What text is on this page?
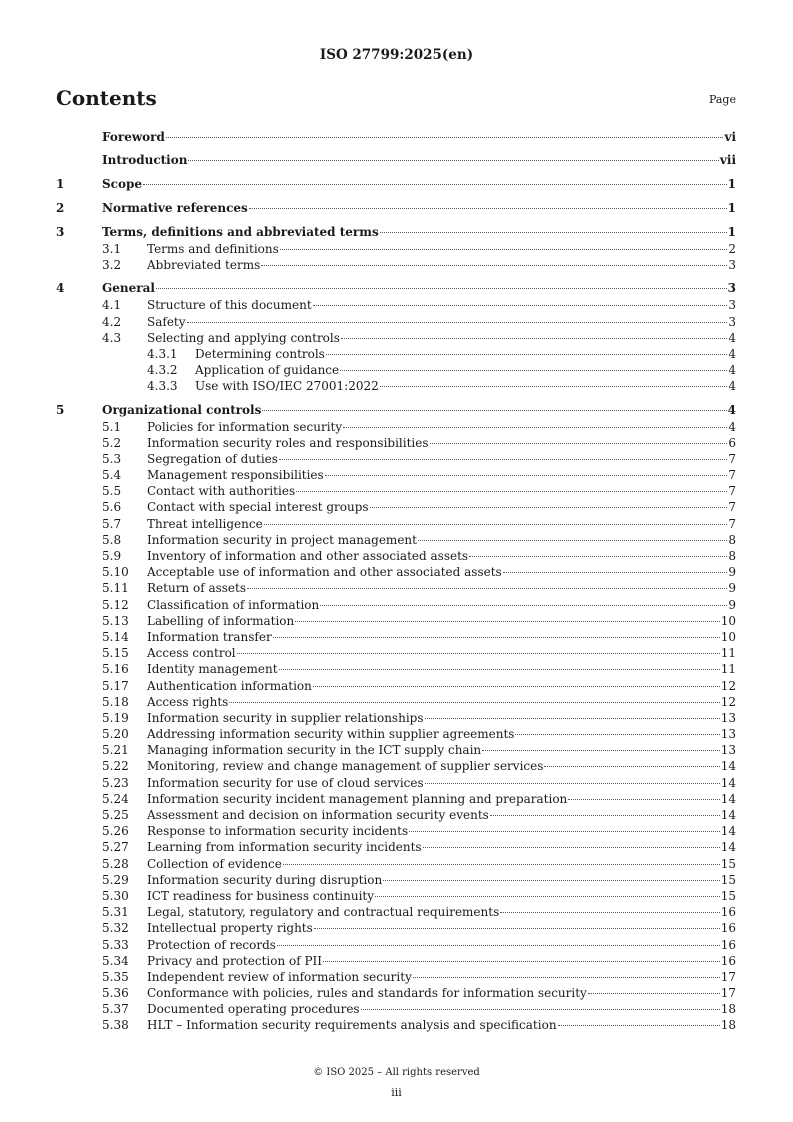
ISO 27799:2025(en)
Contents	Page
Foreword	vi
Introduction	vii
1	Scope	1
2	Normative references	1
3	Terms, definitions and abbreviated terms	1
3.1	Terms and definitions	2
3.2	Abbreviated terms	3
4	General	3
4.1	Structure of this document	3
4.2	Safety	3
4.3	Selecting and applying controls	4
4.3.1	Determining controls	4
4.3.2	Application of guidance	4
4.3.3	Use with ISO/IEC 27001:2022	4
5	Organizational controls	4
5.1	Policies for information security	4
5.2	Information security roles and responsibilities	6
5.3	Segregation of duties	7
5.4	Management responsibilities	7
5.5	Contact with authorities	7
5.6	Contact with special interest groups	7
5.7	Threat intelligence	7
5.8	Information security in project management	8
5.9	Inventory of information and other associated assets	8
5.10	Acceptable use of information and other associated assets	9
5.11	Return of assets	9
5.12	Classification of information	9
5.13	Labelling of information	10
5.14	Information transfer	10
5.15	Access control	11
5.16	Identity management	11
5.17	Authentication information	12
5.18	Access rights	12
5.19	Information security in supplier relationships	13
5.20	Addressing information security within supplier agreements	13
5.21	Managing information security in the ICT supply chain	13
5.22	Monitoring, review and change management of supplier services	14
5.23	Information security for use of cloud services	14
5.24	Information security incident management planning and preparation	14
5.25	Assessment and decision on information security events	14
5.26	Response to information security incidents	14
5.27	Learning from information security incidents	14
5.28	Collection of evidence	15
5.29	Information security during disruption	15
5.30	ICT readiness for business continuity	15
5.31	Legal, statutory, regulatory and contractual requirements	16
5.32	Intellectual property rights	16
5.33	Protection of records	16
5.34	Privacy and protection of PII	16
5.35	Independent review of information security	17
5.36	Conformance with policies, rules and standards for information security	17
5.37	Documented operating procedures	18
5.38	HLT – Information security requirements analysis and specification	18
© ISO 2025 – All rights reserved
iii
